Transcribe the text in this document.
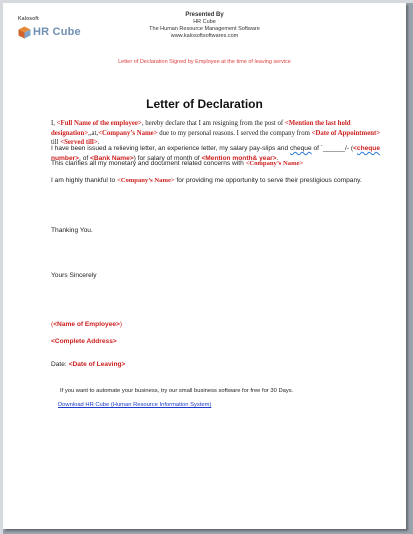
Kalosoft
HR Cube
Presented By
HR Cube
The Human Resource Management Software
www.kalosoftsoftwares.com
Letter of Declaration Signed by Employee at the time of leaving service
Letter of Declaration
I, <Full Name of the employee>, hereby declare that I am resigning from the post of <Mention the last hold designation>,,at,<Company’s Name> due to my personal reasons. I served the company from <Date of Appointment> till <Served till>.
I have been issued a relieving letter, an experience letter, my salary pay-slips and cheque of `______/- (<cheque number>, of <Bank Name>) for salary of month of <Mention month& year>.
This clarifies all my monetary and document related concerns with <Company’s Name>
I am highly thankful to <Company’s Name> for providing me opportunity to serve their prestigious company.
Thanking You.
Yours Sincerely
(<Name of Employee>)
<Complete Address>
Date: <Date of Leaving>
If you want to automate your business, try our small business software for free for 30 Days.
Download HR Cube (Human Resource Information System)
